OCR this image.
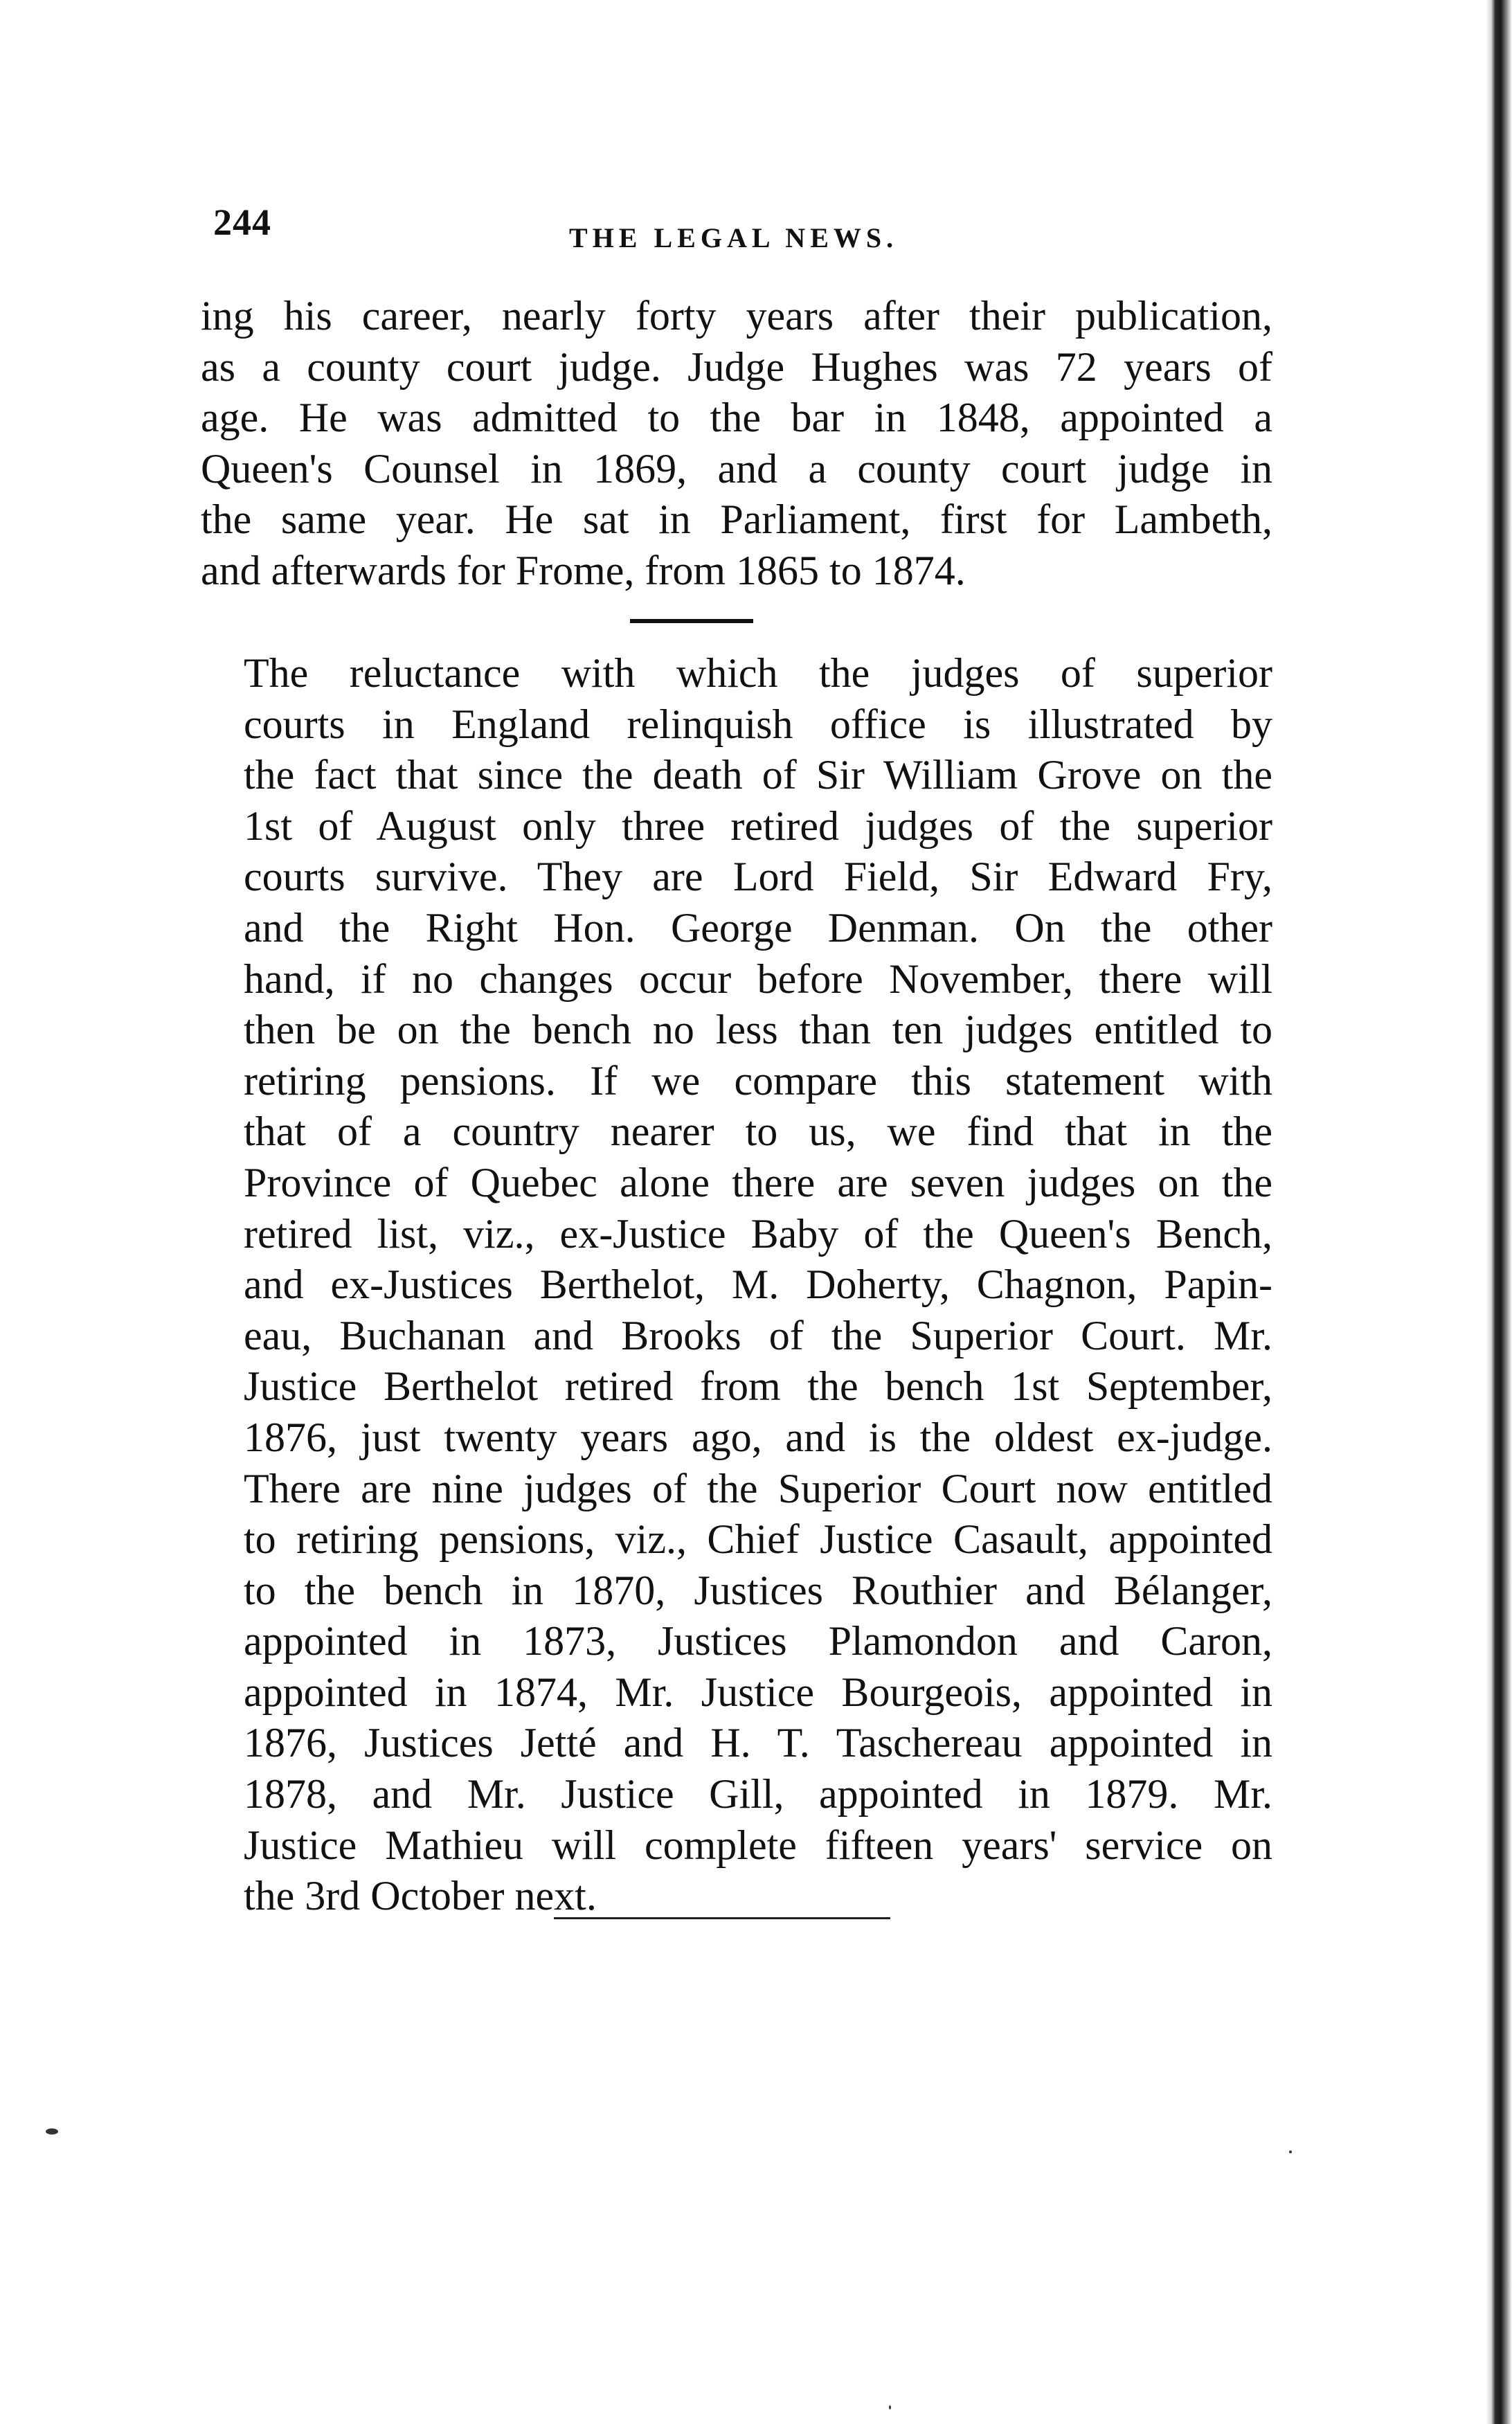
244	THE LEGAL NEWS.

ing his career, nearly forty years after their publication,
as a county court judge. Judge Hughes was 72 years of
age. He was admitted to the bar in 1848, appointed a
Queen's Counsel in 1869, and a county court judge in
the same year. He sat in Parliament, first for Lambeth,
and afterwards for Frome, from 1865 to 1874.

The reluctance with which the judges of superior
courts in England relinquish office is illustrated by
the fact that since the death of Sir William Grove on the
1st of August only three retired judges of the superior
courts survive. They are Lord Field, Sir Edward Fry,
and the Right Hon. George Denman. On the other
hand, if no changes occur before November, there will
then be on the bench no less than ten judges entitled to
retiring pensions. If we compare this statement with
that of a country nearer to us, we find that in the
Province of Quebec alone there are seven judges on the
retired list, viz., ex-Justice Baby of the Queen's Bench,
and ex-Justices Berthelot, M. Doherty, Chagnon, Papin-
eau, Buchanan and Brooks of the Superior Court. Mr.
Justice Berthelot retired from the bench 1st September,
1876, just twenty years ago, and is the oldest ex-judge.
There are nine judges of the Superior Court now entitled
to retiring pensions, viz., Chief Justice Casault, appointed
to the bench in 1870, Justices Routhier and Bélanger,
appointed in 1873, Justices Plamondon and Caron,
appointed in 1874, Mr. Justice Bourgeois, appointed in
1876, Justices Jetté and H. T. Taschereau appointed in
1878, and Mr. Justice Gill, appointed in 1879. Mr.
Justice Mathieu will complete fifteen years' service on
the 3rd October next.
